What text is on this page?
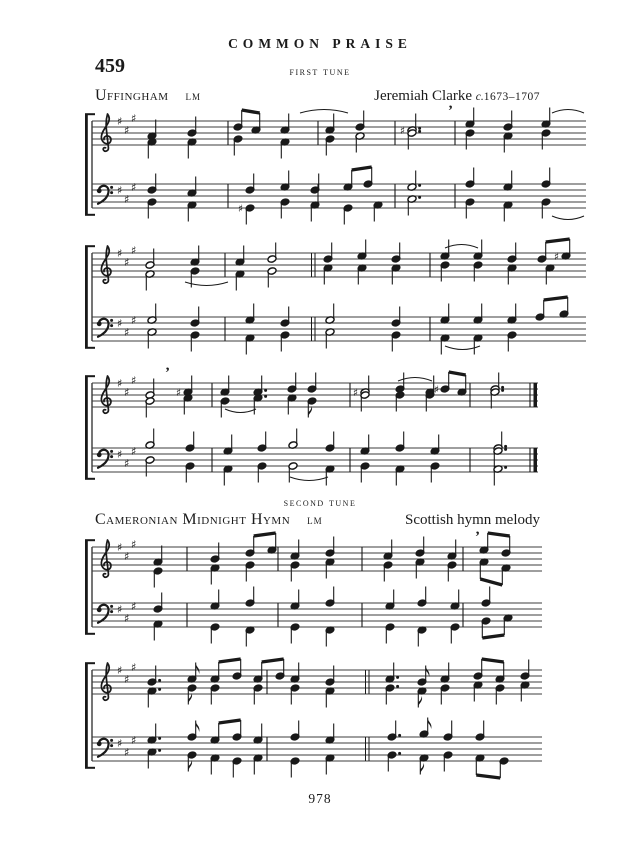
COMMON PRAISE
459	first tune
Uffingham lm	Jeremiah Clarke c.1673–1707
second tune
Cameronian Midnight Hymn lm	Scottish hymn melody
♯
♯
♯	’
♯
♯
♯
♯
♯
♯
♯
♯	♯
♯
♯
♯
♯
♯
♯ ’
♯	♯	♯
♯
♯
♯
♯
♯
♯	’
♯
♯
♯
♯
♯
♯
♯
♯
♯
978
